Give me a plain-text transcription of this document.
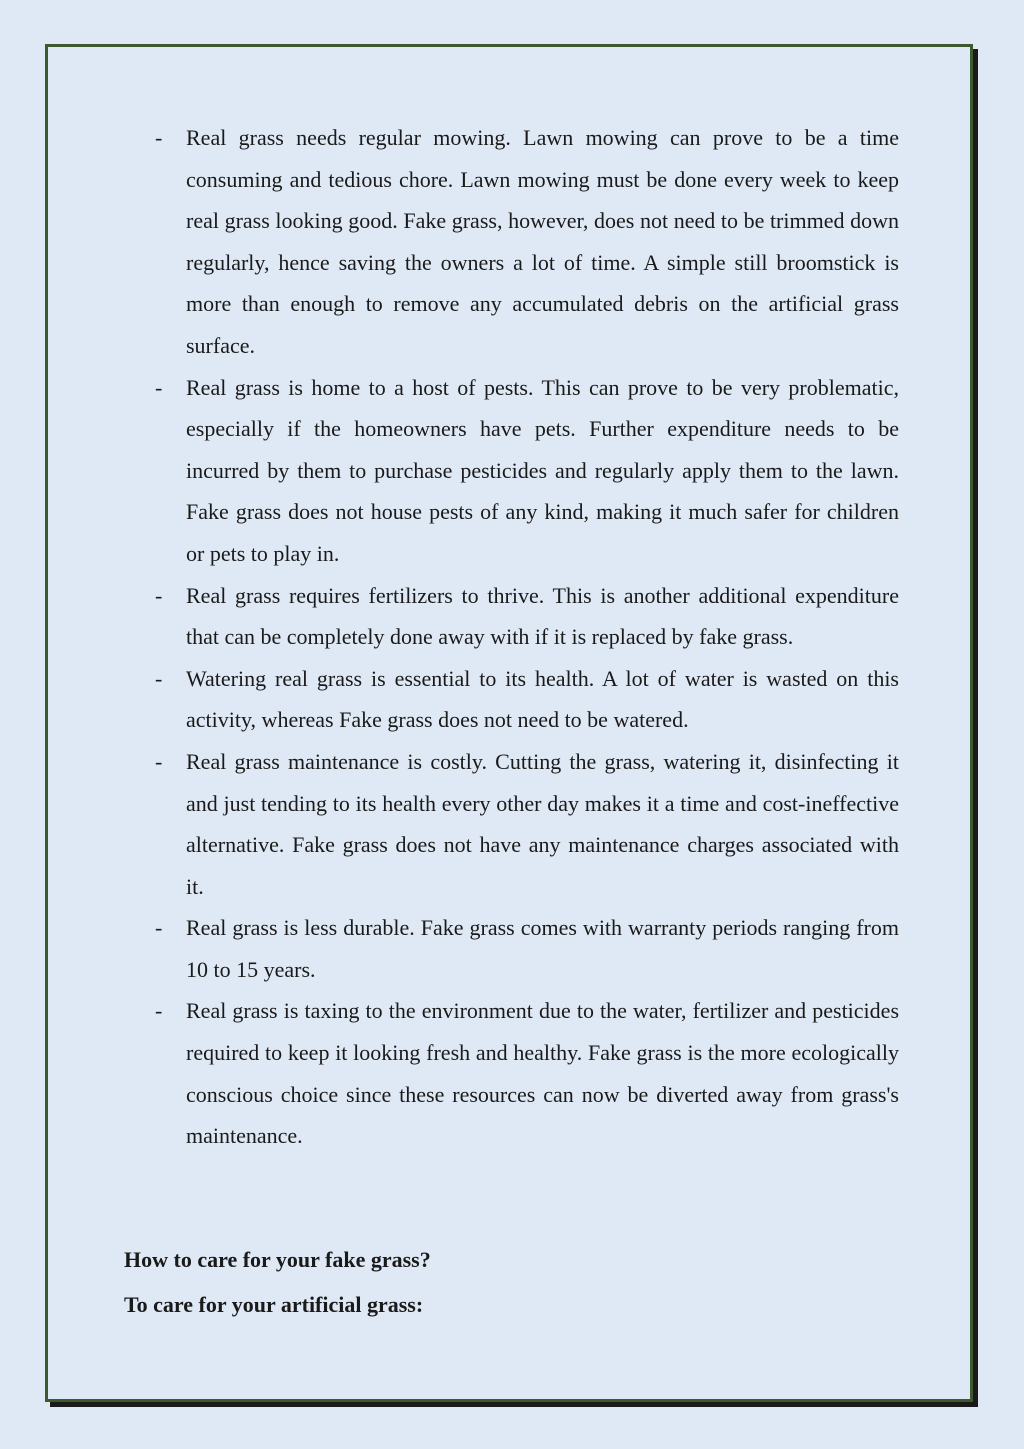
-	Real grass needs regular mowing. Lawn mowing can prove to be a time consuming and tedious chore. Lawn mowing must be done every week to keep real grass looking good. Fake grass, however, does not need to be trimmed down regularly, hence saving the owners a lot of time. A simple still broomstick is more than enough to remove any accumulated debris on the artificial grass surface.
-	Real grass is home to a host of pests. This can prove to be very problematic, especially if the homeowners have pets. Further expenditure needs to be incurred by them to purchase pesticides and regularly apply them to the lawn. Fake grass does not house pests of any kind, making it much safer for children or pets to play in.
-	Real grass requires fertilizers to thrive. This is another additional expenditure that can be completely done away with if it is replaced by fake grass.
-	Watering real grass is essential to its health. A lot of water is wasted on this activity, whereas Fake grass does not need to be watered.
-	Real grass maintenance is costly. Cutting the grass, watering it, disinfecting it and just tending to its health every other day makes it a time and cost-ineffective alternative. Fake grass does not have any maintenance charges associated with it.
-	Real grass is less durable. Fake grass comes with warranty periods ranging from 10 to 15 years.
-	Real grass is taxing to the environment due to the water, fertilizer and pesticides required to keep it looking fresh and healthy. Fake grass is the more ecologically conscious choice since these resources can now be diverted away from grass's maintenance.

How to care for your fake grass?

To care for your artificial grass:
